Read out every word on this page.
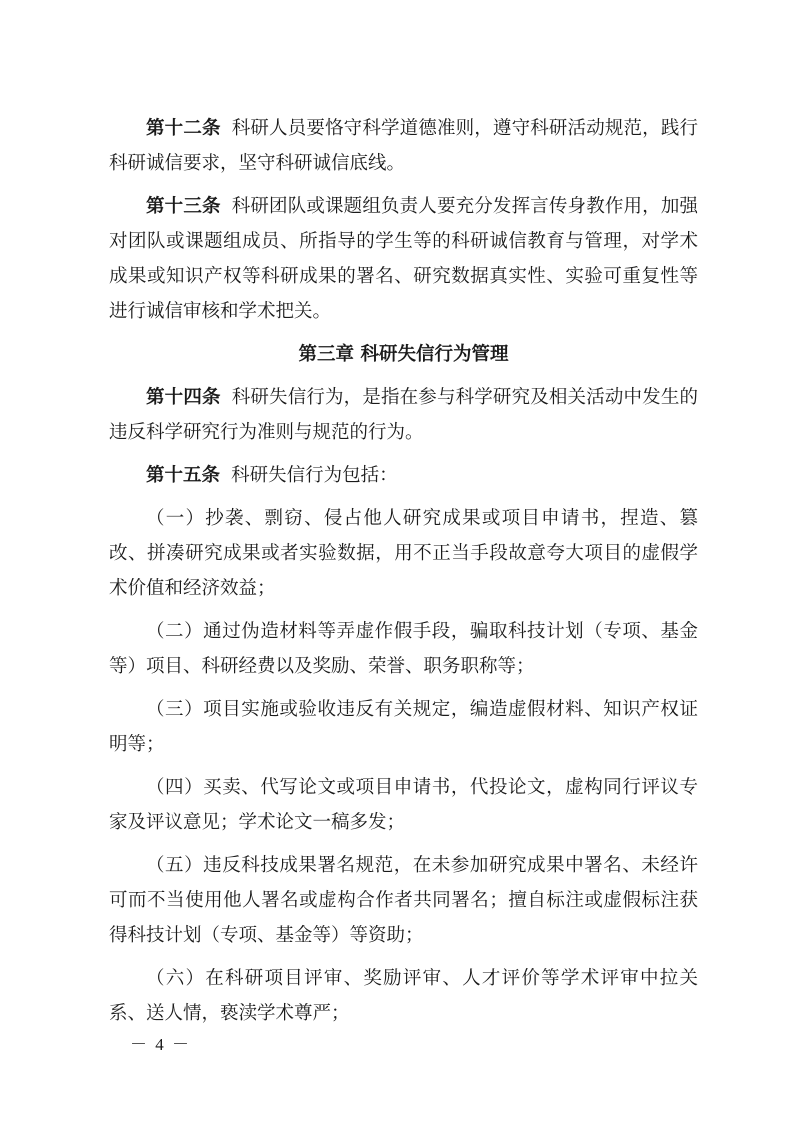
第十二条 科研人员要恪守科学道德准则，遵守科研活动规范，践行科研诚信要求，坚守科研诚信底线。

第十三条 科研团队或课题组负责人要充分发挥言传身教作用，加强对团队或课题组成员、所指导的学生等的科研诚信教育与管理，对学术成果或知识产权等科研成果的署名、研究数据真实性、实验可重复性等进行诚信审核和学术把关。

第三章 科研失信行为管理

第十四条 科研失信行为，是指在参与科学研究及相关活动中发生的违反科学研究行为准则与规范的行为。

第十五条 科研失信行为包括：

（一）抄袭、剽窃、侵占他人研究成果或项目申请书，捏造、篡改、拼凑研究成果或者实验数据，用不正当手段故意夸大项目的虚假学术价值和经济效益；

（二）通过伪造材料等弄虚作假手段，骗取科技计划（专项、基金等）项目、科研经费以及奖励、荣誉、职务职称等；

（三）项目实施或验收违反有关规定，编造虚假材料、知识产权证明等；

（四）买卖、代写论文或项目申请书，代投论文，虚构同行评议专家及评议意见；学术论文一稿多发；

（五）违反科技成果署名规范，在未参加研究成果中署名、未经许可而不当使用他人署名或虚构合作者共同署名；擅自标注或虚假标注获得科技计划（专项、基金等）等资助；

（六）在科研项目评审、奖励评审、人才评价等学术评审中拉关系、送人情，亵渎学术尊严；

－ 4 －
